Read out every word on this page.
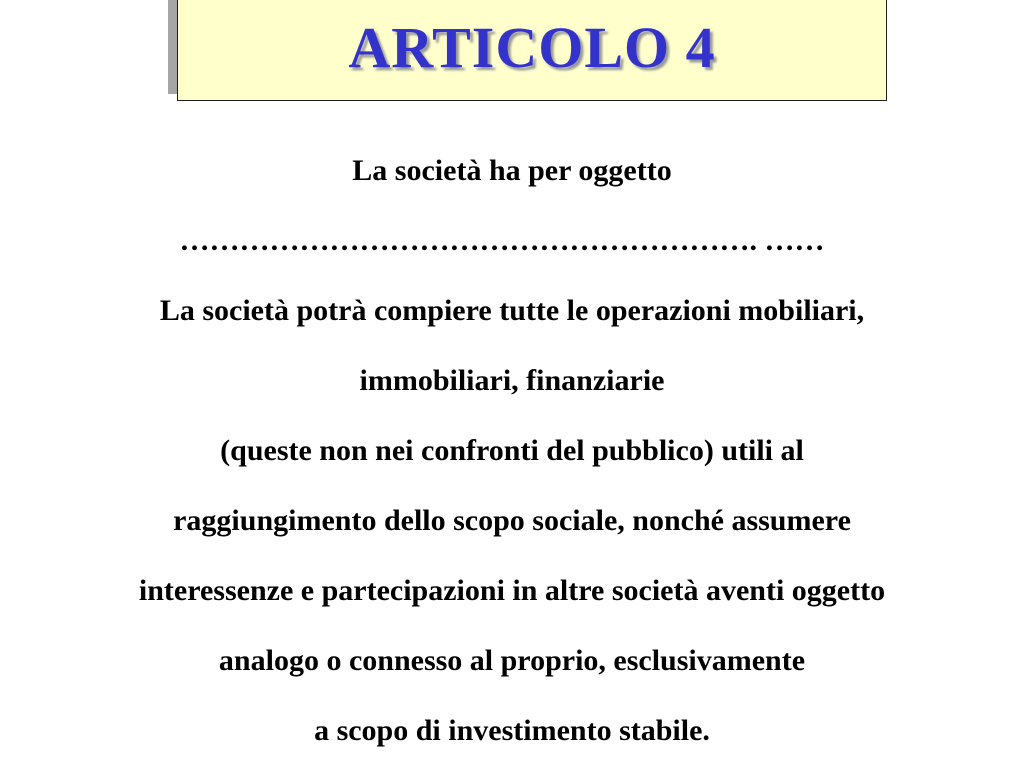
ARTICOLO 4
La società ha per oggetto
…………………………………………………. ……
La società potrà compiere tutte le operazioni mobiliari,
immobiliari, finanziarie
(queste non nei confronti del pubblico) utili al
raggiungimento dello scopo sociale, nonché assumere
interessenze e partecipazioni in altre società aventi oggetto
analogo o connesso al proprio, esclusivamente
a scopo di investimento stabile.
